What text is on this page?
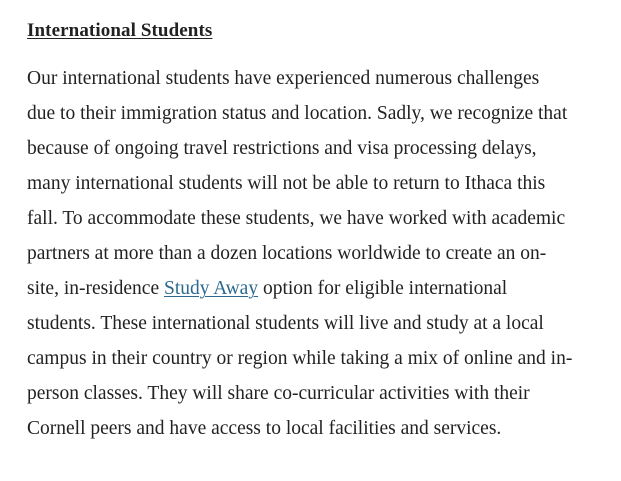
International Students

Our international students have experienced numerous challenges
due to their immigration status and location. Sadly, we recognize that
because of ongoing travel restrictions and visa processing delays,
many international students will not be able to return to Ithaca this
fall. To accommodate these students, we have worked with academic
partners at more than a dozen locations worldwide to create an on-
site, in-residence Study Away option for eligible international
students. These international students will live and study at a local
campus in their country or region while taking a mix of online and in-
person classes. They will share co-curricular activities with their
Cornell peers and have access to local facilities and services.
